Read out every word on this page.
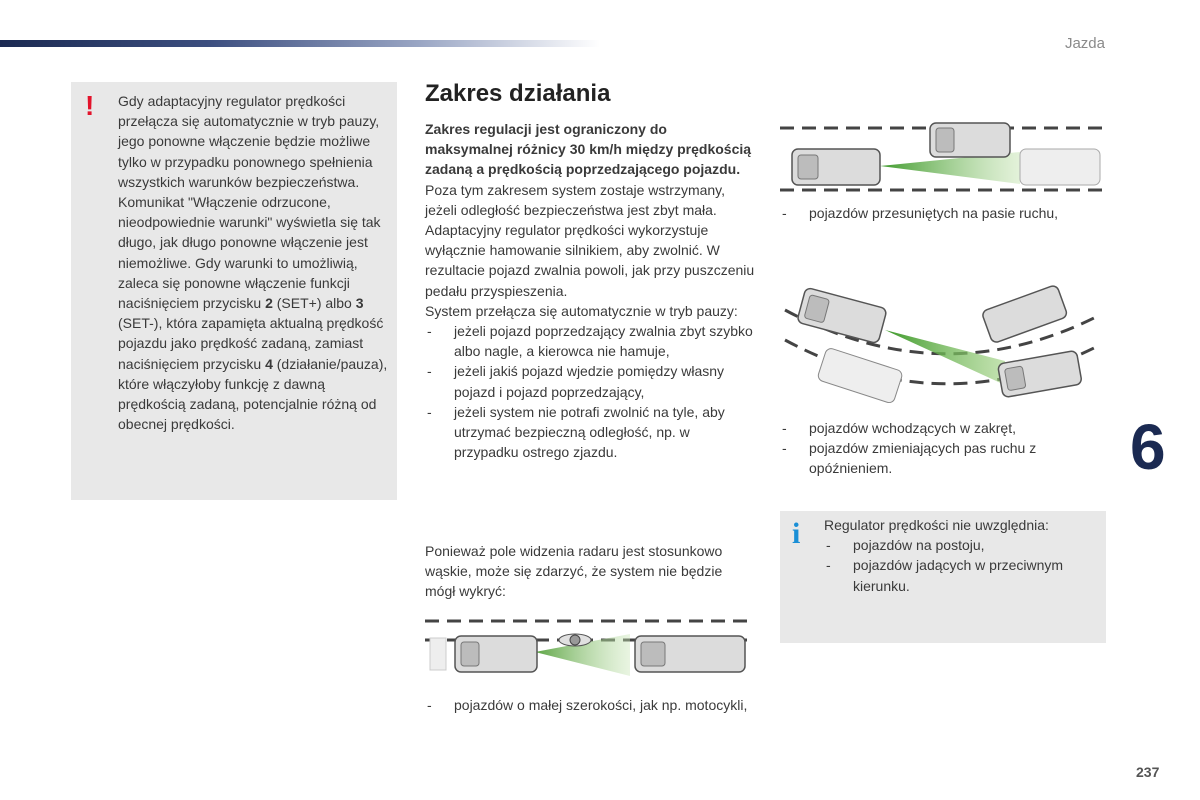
Jazda
! Gdy adaptacyjny regulator prędkości przełącza się automatycznie w tryb pauzy, jego ponowne włączenie będzie możliwe tylko w przypadku ponownego spełnienia wszystkich warunków bezpieczeństwa. Komunikat "Włączenie odrzucone, nieodpowiednie warunki" wyświetla się tak długo, jak długo ponowne włączenie jest niemożliwe. Gdy warunki to umożliwią, zaleca się ponowne włączenie funkcji naciśnięciem przycisku 2 (SET+) albo 3 (SET-), która zapamięta aktualną prędkość pojazdu jako prędkość zadaną, zamiast naciśnięciem przycisku 4 (działanie/pauza), które włączyłoby funkcję z dawną prędkością zadaną, potencjalnie różną od obecnej prędkości.
Zakres działania
Zakres regulacji jest ograniczony do maksymalnej różnicy 30 km/h między prędkością zadaną a prędkością poprzedzającego pojazdu.
Poza tym zakresem system zostaje wstrzymany, jeżeli odległość bezpieczeństwa jest zbyt mała.
Adaptacyjny regulator prędkości wykorzystuje wyłącznie hamowanie silnikiem, aby zwolnić. W rezultacie pojazd zwalnia powoli, jak przy puszczeniu pedału przyspieszenia.
System przełącza się automatycznie w tryb pauzy:
- jeżeli pojazd poprzedzający zwalnia zbyt szybko albo nagle, a kierowca nie hamuje,
- jeżeli jakiś pojazd wjedzie pomiędzy własny pojazd i pojazd poprzedzający,
- jeżeli system nie potrafi zwolnić na tyle, aby utrzymać bezpieczną odległość, np. w przypadku ostrego zjazdu.
Ponieważ pole widzenia radaru jest stosunkowo wąskie, może się zdarzyć, że system nie będzie mógł wykryć:
- pojazdów o małej szerokości, jak np. motocykli,
- pojazdów przesuniętych na pasie ruchu,
- pojazdów wchodzących w zakręt,
- pojazdów zmieniających pas ruchu z opóźnieniem.
i Regulator prędkości nie uwzględnia:
- pojazdów na postoju,
- pojazdów jadących w przeciwnym kierunku.
6
237
